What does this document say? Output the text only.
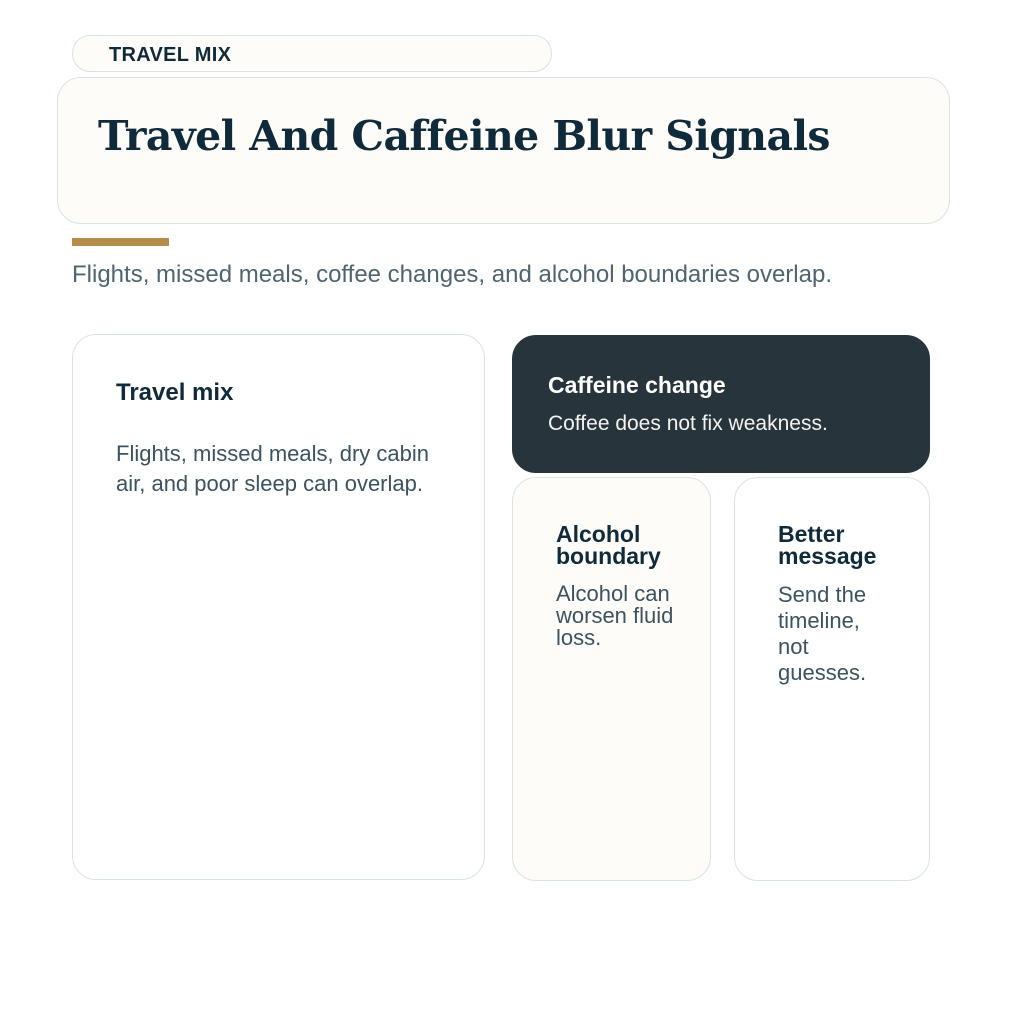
TRAVEL MIX
Travel And Caffeine Blur Signals

Flights, missed meals, coffee changes, and alcohol boundaries overlap.

Travel mix

Flights, missed meals, dry cabin air, and poor sleep can overlap.

Caffeine change

Coffee does not fix weakness.

Alcohol boundary

Alcohol can worsen fluid loss.

Better message

Send the timeline, not guesses.
